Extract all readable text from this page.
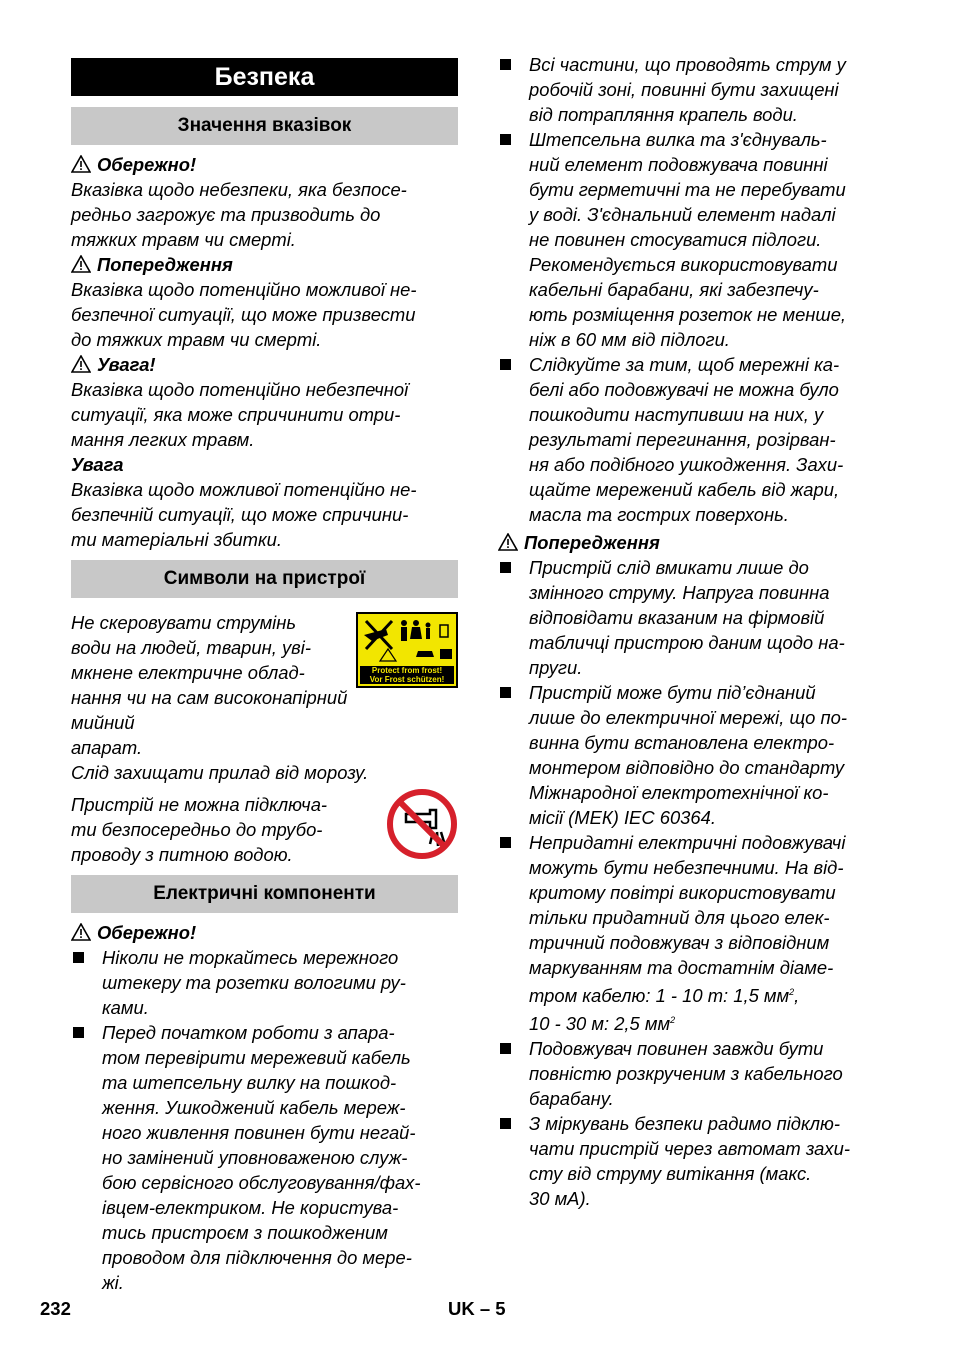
Безпека
Значення вказівок
Обережно!

Вказівка щодо небезпеки, яка безпосе-
редньо загрожує та призводить до
тяжких травм чи смерті.

Попередження

Вказівка щодо потенційно можливої не-
безпечної ситуації, що може призвести
до тяжких травм чи смерті.

Увага!

Вказівка щодо потенційно небезпечної
ситуації, яка може спричинити отри-
мання легких травм.

Увага

Вказівка щодо можливої потенційно не-
безпечній ситуації, що може спричини-
ти матеріальні збитки.

Символи на пристрої
Protect from frost!
Vor Frost schützen!

Не скеровувати струмінь
води на людей, тварин, уві-
мкнене електричне облад-
нання чи на сам високонапірний мийний
апарат.

Слід захищати прилад від морозу.

Пристрій не можна підключа-
ти безпосередньо до трубо-
проводу з питною водою.

Електричні компоненти
Обережно!

Ніколи не торкайтесь мережного
штекеру та розетки вологими ру-
ками.

Перед початком роботи з апара-
том перевірити мережевий кабель
та штепсельну вилку на пошкод-
ження. Ушкоджений кабель мереж-
ного живлення повинен бути негай-
но замінений уповноваженою служ-
бою сервісного обслуговування/фах-
івцем-електриком. Не користува-
тись пристроєм з пошкодженим
проводом для підключення до мере-
жі.

Всі частини, що проводять струм у
робочій зоні, повинні бути захищені
від потрапляння крапель води.

Штепсельна вилка та з'єднуваль-
ний елемент подовжувача повинні
бути герметичні та не перебувати
у воді. З'єднальний елемент надалі
не повинен стосуватися підлоги.
Рекомендується використовувати
кабельні барабани, які забезпечу-
ють розміщення розеток не менше,
ніж в 60 мм від підлоги.

Слідкуйте за тим, щоб мережні ка-
белі або подовжувачі не можна було
пошкодити наступивши на них, у
результаті перегинання, розірван-
ня або подібного ушкодження. Захи-
щайте мережений кабель від жари,
масла та гострих поверхонь.

Попередження

Пристрій слід вмикати лише до
змінного струму. Напруга повинна
відповідати вказаним на фірмовій
табличці пристрою даним щодо на-
пруги.

Пристрій може бути під’єднаний
лише до електричної мережі, що по-
винна бути встановлена електро-
монтером відповідно до стандарту
Міжнародної електротехнічної ко-
місії (МЕК) IEC 60364.

Непридатні електричні подовжувачі
можуть бути небезпечними. На від-
критому повітрі використовувати
тільки придатний для цього елек-
тричний подовжувач з відповідним
маркуванням та достатнім діаме-
тром кабелю: 1 - 10 m: 1,5 $мм^2$,
10 - 30 м: 2,5 $мм^2$

Подовжувач повинен завжди бути
повністю розкрученим з кабельного
барабану.

З міркувань безпеки радимо підклю-
чати пристрій через автомат захи-
сту від струму витікання (макс.
30 мА).

232	UK – 5
